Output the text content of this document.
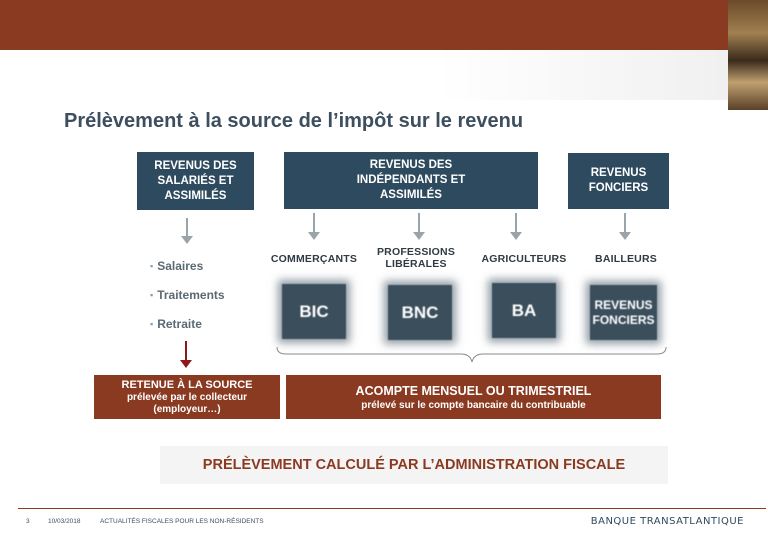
Prélèvement à la source de l’impôt sur le revenu
REVENUS DES SALARIÉS ET ASSIMILÉS
REVENUS DES INDÉPENDANTS ET ASSIMILÉS
REVENUS FONCIERS
▪ Salaires
▪ Traitements
▪ Retraite
COMMERÇANTS
PROFESSIONS LIBÉRALES	AGRICULTEURS	BAILLEURS
BIC	BNC	BA	REVENUS FONCIERS
RETENUE À LA SOURCE
prélevée par le collecteur (employeur…)
ACOMPTE MENSUEL OU TRIMESTRIEL
prélevé sur le compte bancaire du contribuable
PRÉLÈVEMENT CALCULÉ PAR L’ADMINISTRATION FISCALE
3	10/03/2018	ACTUALITÉS FISCALES POUR LES NON-RÉSIDENTS	BANQUE TRANSATLANTIQUE
